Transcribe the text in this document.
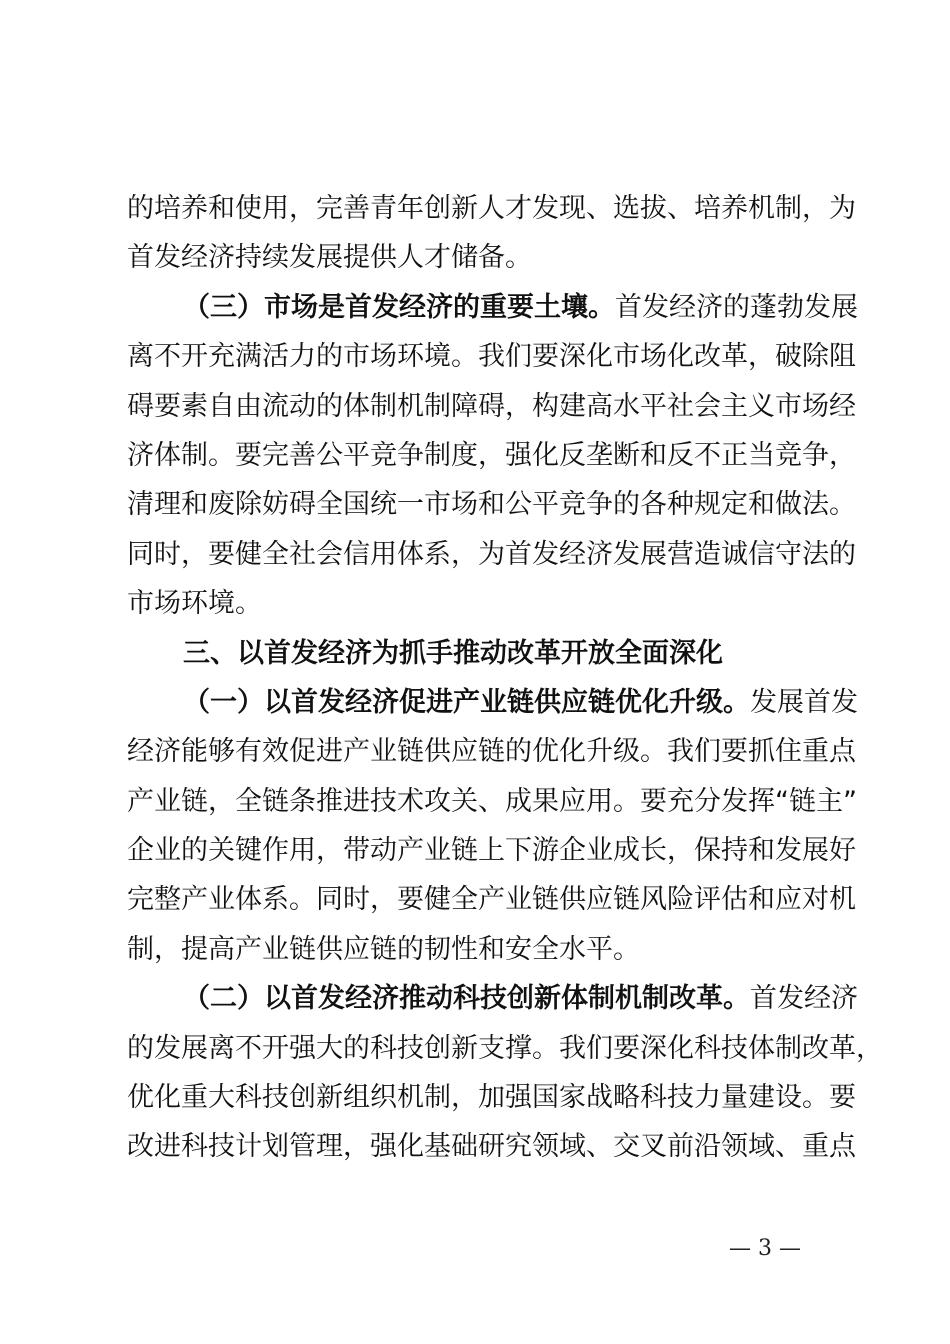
的培养和使用，完善青年创新人才发现、选拔、培养机制，为
首发经济持续发展提供人才储备。
（三）市场是首发经济的重要土壤。首发经济的蓬勃发展
离不开充满活力的市场环境。我们要深化市场化改革，破除阻
碍要素自由流动的体制机制障碍，构建高水平社会主义市场经
济体制。要完善公平竞争制度，强化反垄断和反不正当竞争，
清理和废除妨碍全国统一市场和公平竞争的各种规定和做法。
同时，要健全社会信用体系，为首发经济发展营造诚信守法的
市场环境。
三、以首发经济为抓手推动改革开放全面深化
（一）以首发经济促进产业链供应链优化升级。发展首发
经济能够有效促进产业链供应链的优化升级。我们要抓住重点
产业链，全链条推进技术攻关、成果应用。要充分发挥“链主”
企业的关键作用，带动产业链上下游企业成长，保持和发展好
完整产业体系。同时，要健全产业链供应链风险评估和应对机
制，提高产业链供应链的韧性和安全水平。
（二）以首发经济推动科技创新体制机制改革。首发经济
的发展离不开强大的科技创新支撑。我们要深化科技体制改革，
优化重大科技创新组织机制，加强国家战略科技力量建设。要
改进科技计划管理，强化基础研究领域、交叉前沿领域、重点
— 3 —
